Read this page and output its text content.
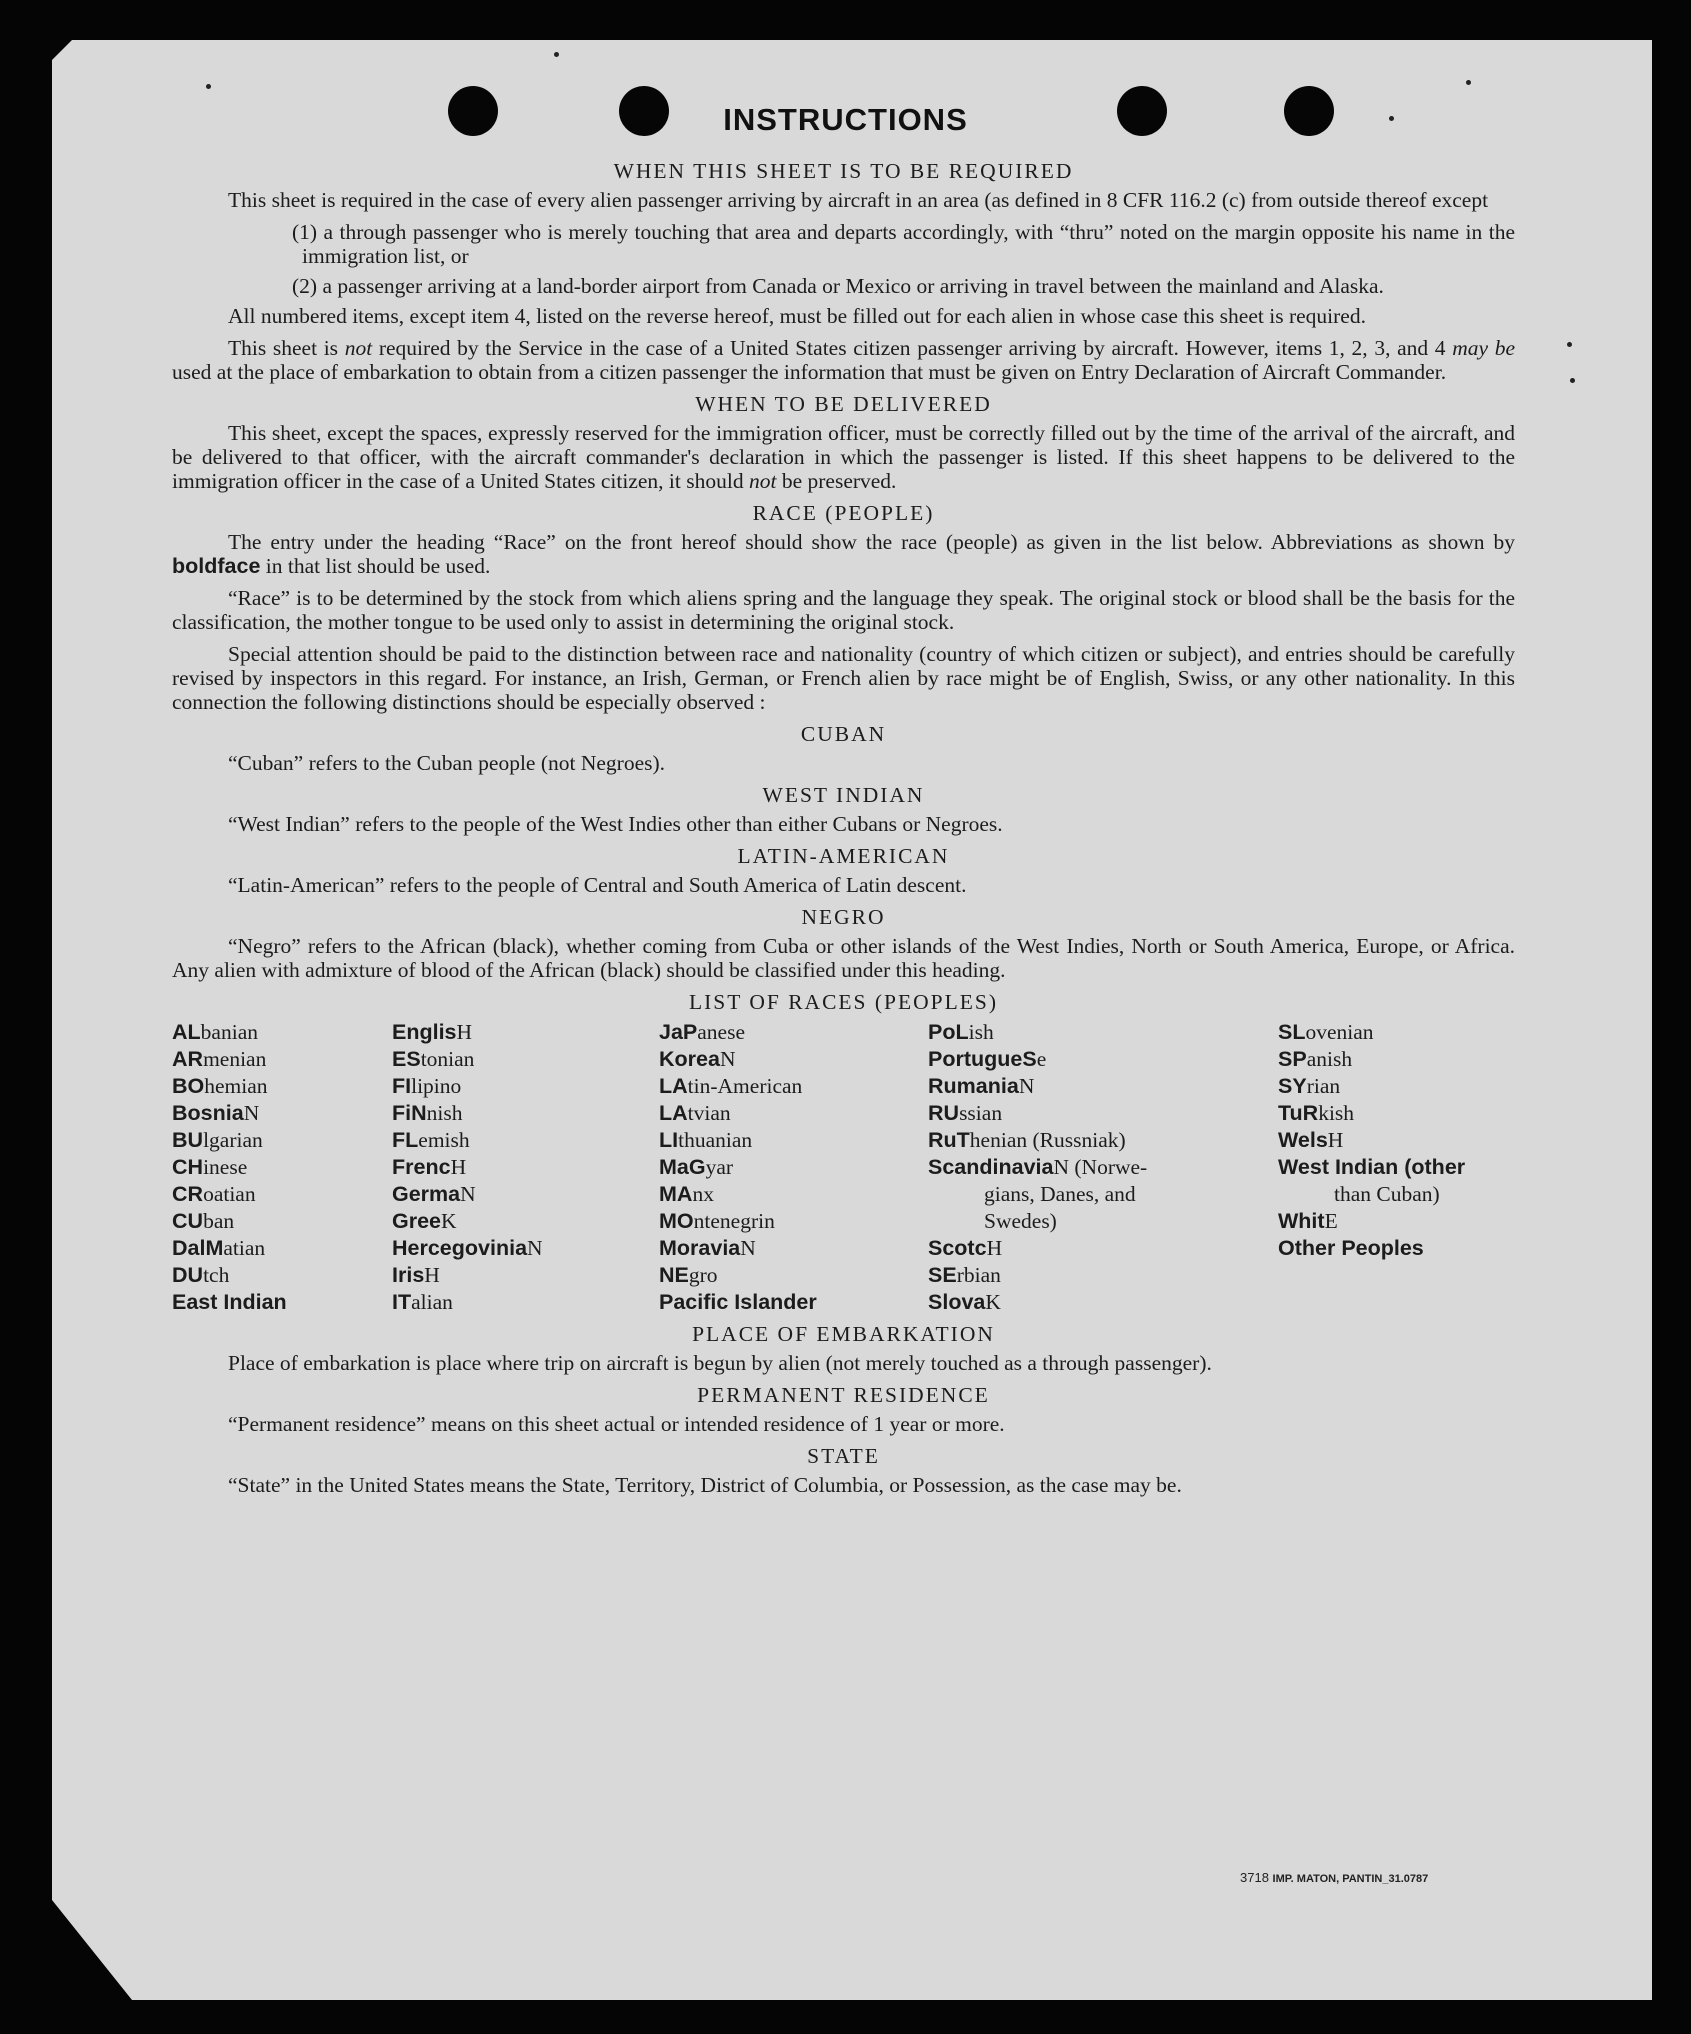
INSTRUCTIONS
WHEN THIS SHEET IS TO BE REQUIRED
This sheet is required in the case of every alien passenger arriving by aircraft in an area (as defined in 8 CFR 116.2 (c) from outside thereof except
(1) a through passenger who is merely touching that area and departs accordingly, with “thru” noted on the margin opposite his name in the immigration list, or
(2) a passenger arriving at a land-border airport from Canada or Mexico or arriving in travel between the mainland and Alaska.
All numbered items, except item 4, listed on the reverse hereof, must be filled out for each alien in whose case this sheet is required.
This sheet is not required by the Service in the case of a United States citizen passenger arriving by aircraft. However, items 1, 2, 3, and 4 may be used at the place of embarkation to obtain from a citizen passenger the information that must be given on Entry Declaration of Aircraft Commander.
WHEN TO BE DELIVERED
This sheet, except the spaces, expressly reserved for the immigration officer, must be correctly filled out by the time of the arrival of the aircraft, and be delivered to that officer, with the aircraft commander's declaration in which the passenger is listed. If this sheet happens to be delivered to the immigration officer in the case of a United States citizen, it should not be preserved.
RACE (PEOPLE)
The entry under the heading “Race” on the front hereof should show the race (people) as given in the list below. Abbreviations as shown by boldface in that list should be used.
“Race” is to be determined by the stock from which aliens spring and the language they speak. The original stock or blood shall be the basis for the classification, the mother tongue to be used only to assist in determining the original stock.
Special attention should be paid to the distinction between race and nationality (country of which citizen or subject), and entries should be carefully revised by inspectors in this regard. For instance, an Irish, German, or French alien by race might be of English, Swiss, or any other nationality. In this connection the following distinctions should be especially observed :
CUBAN
“Cuban” refers to the Cuban people (not Negroes).
WEST INDIAN
“West Indian” refers to the people of the West Indies other than either Cubans or Negroes.
LATIN-AMERICAN
“Latin-American” refers to the people of Central and South America of Latin descent.
NEGRO
“Negro” refers to the African (black), whether coming from Cuba or other islands of the West Indies, North or South America, Europe, or Africa. Any alien with admixture of blood of the African (black) should be classified under this heading.
LIST OF RACES (PEOPLES)
ALbanian
ARmenian
BOhemian
BosniaN
BUlgarian
CHinese
CRoatian
CUban
DalMatian
DUtch
East Indian
EnglisH
EStonian
FIlipino
FiNnish
FLemish
FrencH
GermaN
GreeK
HercegoviniaN
IrisH
ITalian
JaPanese
KoreaN
LAtin-American
LAtvian
LIthuanian
MaGyar
MAnx
MOntenegrin
MoraviaN
NEgro
Pacific Islander
PoLish
PortugueSe
RumaniaN
RUssian
RuThenian (Russniak)
ScandinaviaN (Norwe-
gians, Danes, and
Swedes)
ScotcH
SErbian
SlovaK
SLovenian
SPanish
SYrian
TuRkish
WelsH
West Indian (other
than Cuban)
WhitE
Other Peoples
PLACE OF EMBARKATION
Place of embarkation is place where trip on aircraft is begun by alien (not merely touched as a through passenger).
PERMANENT RESIDENCE
“Permanent residence” means on this sheet actual or intended residence of 1 year or more.
STATE
“State” in the United States means the State, Territory, District of Columbia, or Possession, as the case may be.
3718 IMP. MATON, PANTIN_31.0787
